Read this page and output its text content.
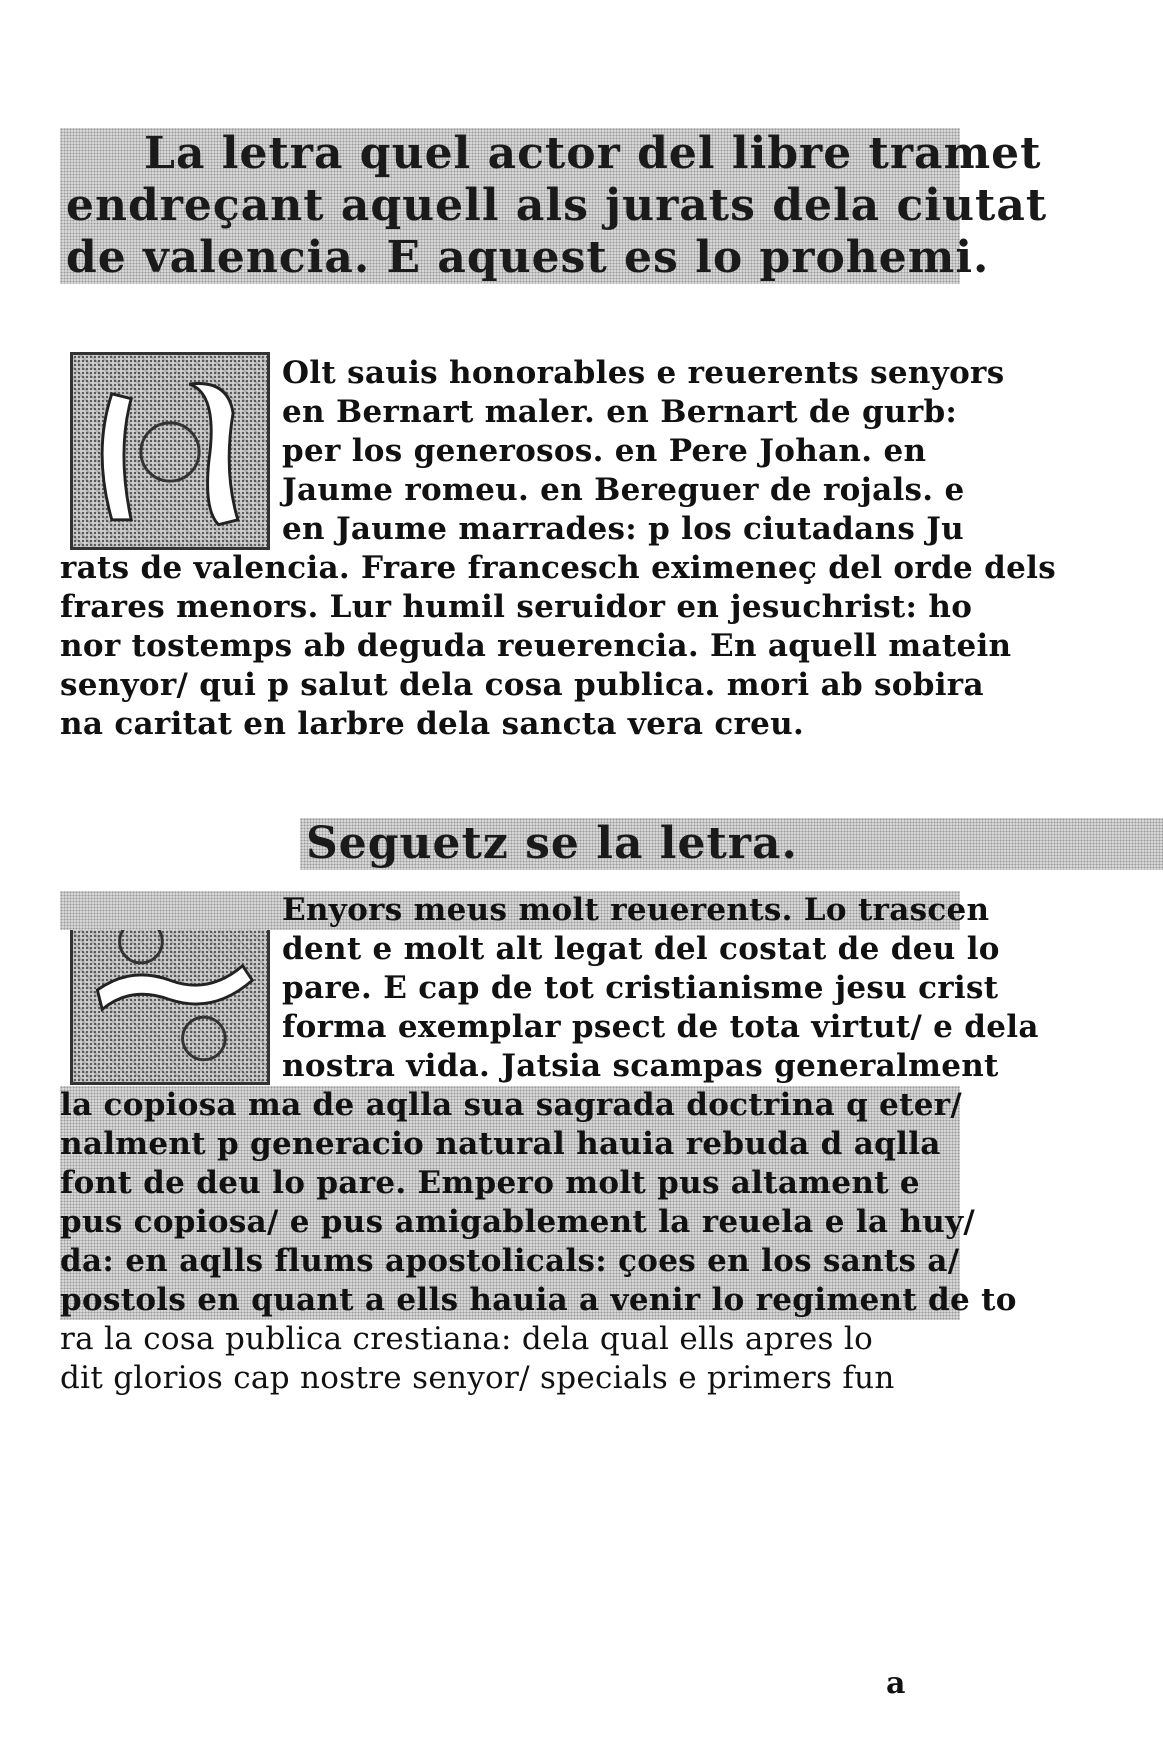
La letra quel actor del libre tramet
endreçant aquell als jurats dela ciutat
de valencia. E aquest es lo prohemi.
Olt sauis honorables e reuerents senyors
en Bernart maler. en Bernart de gurb:
per los generosos. en Pere Johan. en
Jaume romeu. en Bereguer de rojals. e
en Jaume marrades: p los ciutadans Ju
rats de valencia. Frare francesch eximeneç del orde dels
frares menors. Lur humil seruidor en jesuchrist: ho
nor tostemps ab deguda reuerencia. En aquell matein
senyor/ qui p salut dela cosa publica. mori ab sobira
na caritat en larbre dela sancta vera creu.
Seguetz se la letra.
Enyors meus molt reuerents. Lo trascen
dent e molt alt legat del costat de deu lo
pare. E cap de tot cristianisme jesu crist
forma exemplar psect de tota virtut/ e dela
nostra vida. Jatsia scampas generalment
la copiosa ma de aqlla sua sagrada doctrina q eter/
nalment p generacio natural hauia rebuda d aqlla
font de deu lo pare. Empero molt pus altament e
pus copiosa/ e pus amigablement la reuela e la huy/
da: en aqlls flums apostolicals: çoes en los sants a/
postols en quant a ells hauia a venir lo regiment de to
ra la cosa publica crestiana: dela qual ells apres lo
dit glorios cap nostre senyor/ specials e primers fun
a
